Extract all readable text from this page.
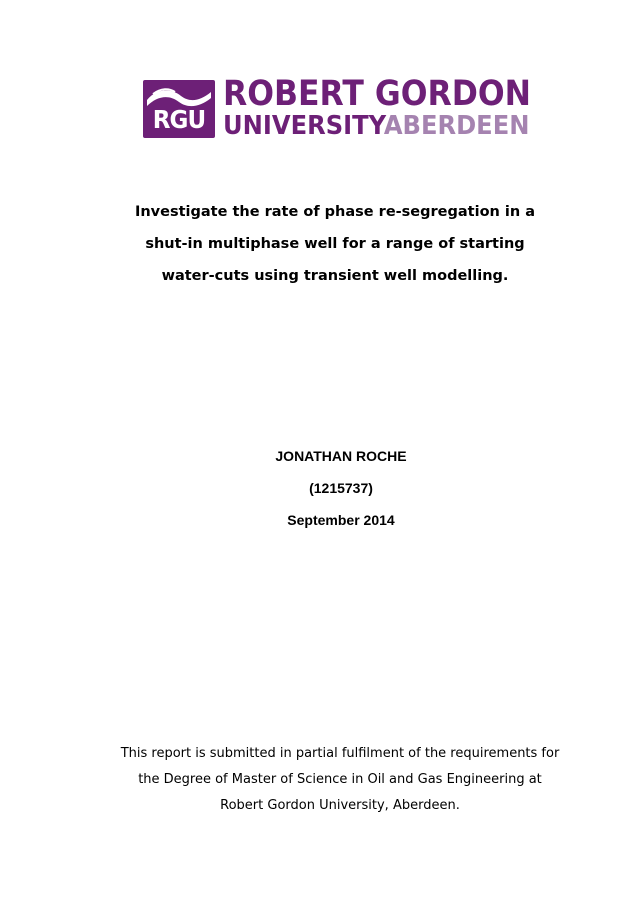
RGU
ROBERT GORDON
UNIVERSITYABERDEEN
Investigate the rate of phase re-segregation in a
shut-in multiphase well for a range of starting
water-cuts using transient well modelling.
JONATHAN ROCHE
(1215737)
September 2014
This report is submitted in partial fulfilment of the requirements for
the Degree of Master of Science in Oil and Gas Engineering at
Robert Gordon University, Aberdeen.
